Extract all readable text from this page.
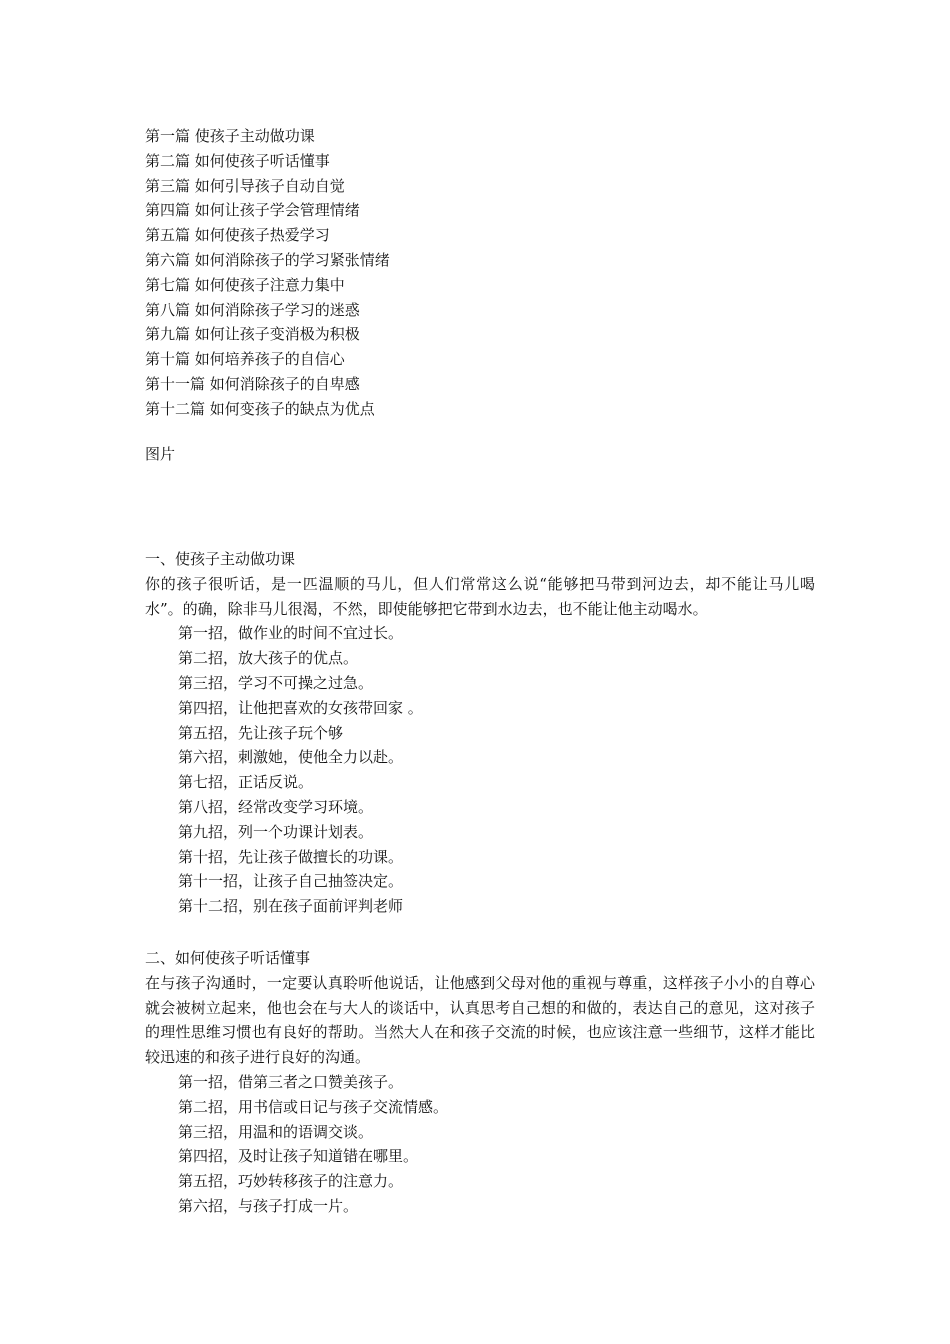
第一篇 使孩子主动做功课
第二篇 如何使孩子听话懂事
第三篇 如何引导孩子自动自觉
第四篇 如何让孩子学会管理情绪
第五篇 如何使孩子热爱学习
第六篇 如何消除孩子的学习紧张情绪
第七篇 如何使孩子注意力集中
第八篇 如何消除孩子学习的迷惑
第九篇 如何让孩子变消极为积极
第十篇 如何培养孩子的自信心
第十一篇 如何消除孩子的自卑感
第十二篇 如何变孩子的缺点为优点

图片

一、使孩子主动做功课

你的孩子很听话，是一匹温顺的马儿，但人们常常这么说“能够把马带到河边去，却不能让马儿喝水”。的确，除非马儿很渴，不然，即使能够把它带到水边去，也不能让他主动喝水。

第一招，做作业的时间不宜过长。
第二招，放大孩子的优点。
第三招，学习不可操之过急。
第四招，让他把喜欢的女孩带回家 。
第五招，先让孩子玩个够
第六招，刺激她，使他全力以赴。
第七招，正话反说。
第八招，经常改变学习环境。
第九招，列一个功课计划表。
第十招，先让孩子做擅长的功课。
第十一招，让孩子自己抽签决定。
第十二招，别在孩子面前评判老师
二、如何使孩子听话懂事

在与孩子沟通时，一定要认真聆听他说话，让他感到父母对他的重视与尊重，这样孩子小小的自尊心就会被树立起来，他也会在与大人的谈话中，认真思考自己想的和做的，表达自己的意见，这对孩子的理性思维习惯也有良好的帮助。当然大人在和孩子交流的时候，也应该注意一些细节，这样才能比较迅速的和孩子进行良好的沟通。

第一招，借第三者之口赞美孩子。
第二招，用书信或日记与孩子交流情感。
第三招，用温和的语调交谈。
第四招，及时让孩子知道错在哪里。
第五招，巧妙转移孩子的注意力。
第六招，与孩子打成一片。
